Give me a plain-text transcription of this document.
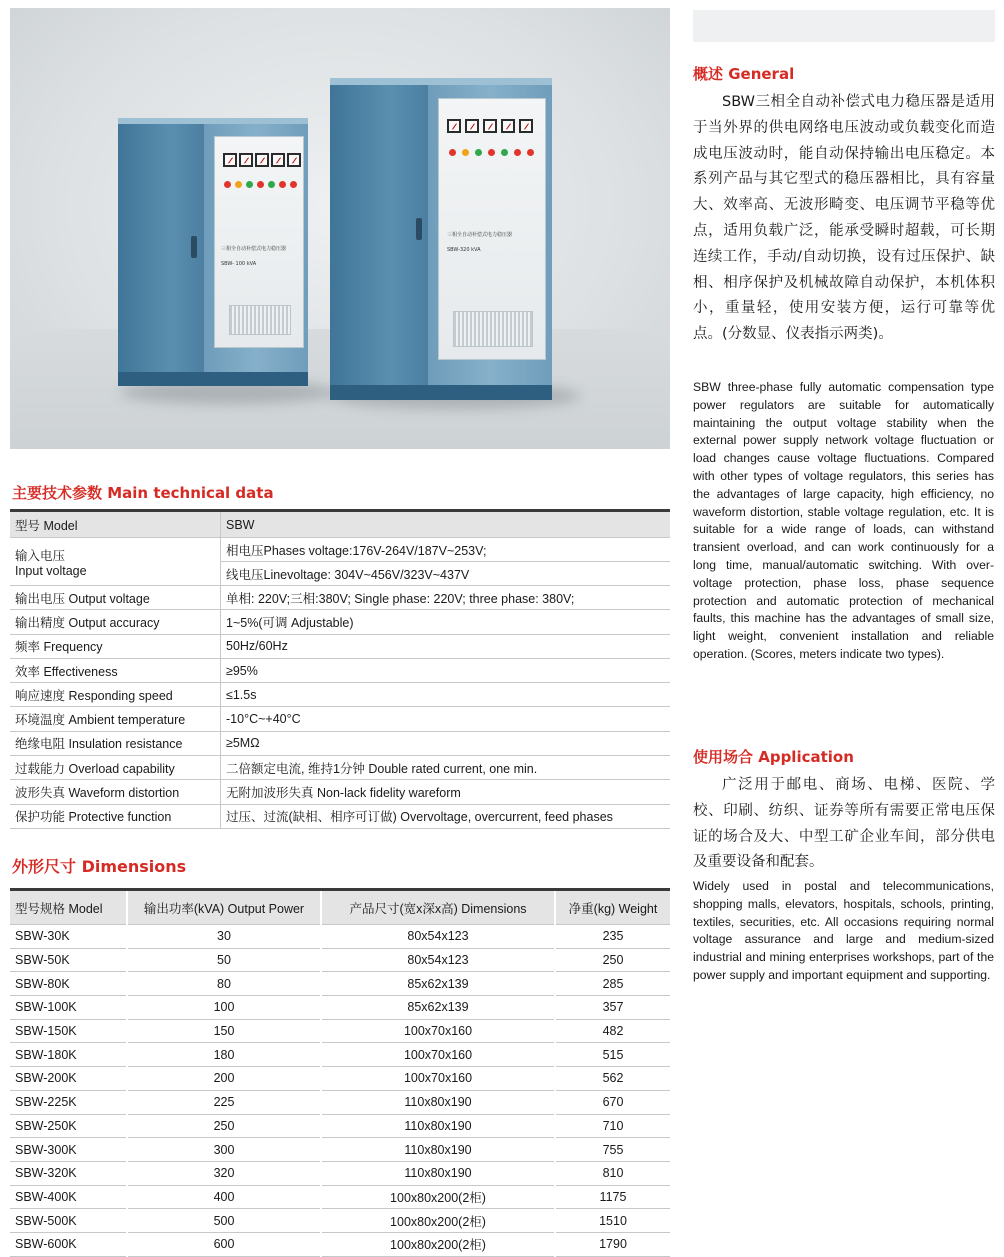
三相全自动补偿式电力稳压器
SBW- 100 kVA
三相全自动补偿式电力稳压器
SBW-320 kVA
概述 General
SBW三相全自动补偿式电力稳压器是适用于当外界的供电网络电压波动或负载变化而造成电压波动时，能自动保持输出电压稳定。本系列产品与其它型式的稳压器相比，具有容量大、效率高、无波形畸变、电压调节平稳等优点，适用负载广泛，能承受瞬时超载，可长期连续工作，手动/自动切换，设有过压保护、缺相、相序保护及机械故障自动保护，本机体积小，重量轻，使用安装方便，运行可靠等优点。(分数显、仪表指示两类)。
SBW three-phase fully automatic compensation type power regulators are suitable for automatically maintaining the output voltage stability when the external power supply network voltage fluctuation or load changes cause voltage fluctuations. Compared with other types of voltage regulators, this series has the advantages of large capacity, high efficiency, no waveform distortion, stable voltage regulation, etc. It is suitable for a wide range of loads, can withstand transient overload, and can work continuously for a long time, manual/automatic switching. With over-voltage protection, phase loss, phase sequence protection and automatic protection of mechanical faults, this machine has the advantages of small size, light weight, convenient installation and reliable operation. (Scores, meters indicate two types).
使用场合 Application
广泛用于邮电、商场、电梯、医院、学校、印刷、纺织、证券等所有需要正常电压保证的场合及大、中型工矿企业车间，部分供电及重要设备和配套。
Widely used in postal and telecommunications, shopping malls, elevators, hospitals, schools, printing, textiles, securities, etc. All occasions requiring normal voltage assurance and large and medium-sized industrial and mining enterprises workshops, part of the power supply and important equipment and supporting.
主要技术参数 Main technical data
型号 Model	SBW

输入电压
Input voltage	相电压Phases voltage:176V-264V/187V~253V;
	线电压Linevoltage: 304V~456V/323V~437V
输出电压 Output voltage	单相: 220V;三相:380V; Single phase: 220V; three phase: 380V;
输出精度 Output accuracy	1~5%(可调 Adjustable)
频率 Frequency	50Hz/60Hz
效率 Effectiveness	≥95%
响应速度 Responding speed	≤1.5s
环境温度 Ambient temperature	-10°C~+40°C
绝缘电阻 Insulation resistance	≥5MΩ
过载能力 Overload capability	二倍额定电流, 维持1分钟 Double rated current, one min.
波形失真 Waveform distortion	无附加波形失真 Non-lack fidelity wareform
保护功能 Protective function	过压、过流(缺相、相序可订做) Overvoltage, overcurrent, feed phases
外形尺寸 Dimensions
型号规格 Model	输出功率(kVA) Output Power	产品尺寸(宽x深x高) Dimensions	净重(kg) Weight
SBW-30K	30	80x54x123	235
SBW-50K	50	80x54x123	250
SBW-80K	80	85x62x139	285
SBW-100K	100	85x62x139	357
SBW-150K	150	100x70x160	482
SBW-180K	180	100x70x160	515
SBW-200K	200	100x70x160	562
SBW-225K	225	110x80x190	670
SBW-250K	250	110x80x190	710
SBW-300K	300	110x80x190	755
SBW-320K	320	110x80x190	810
SBW-400K	400	100x80x200(2柜)	1175
SBW-500K	500	100x80x200(2柜)	1510
SBW-600K	600	100x80x200(2柜)	1790
